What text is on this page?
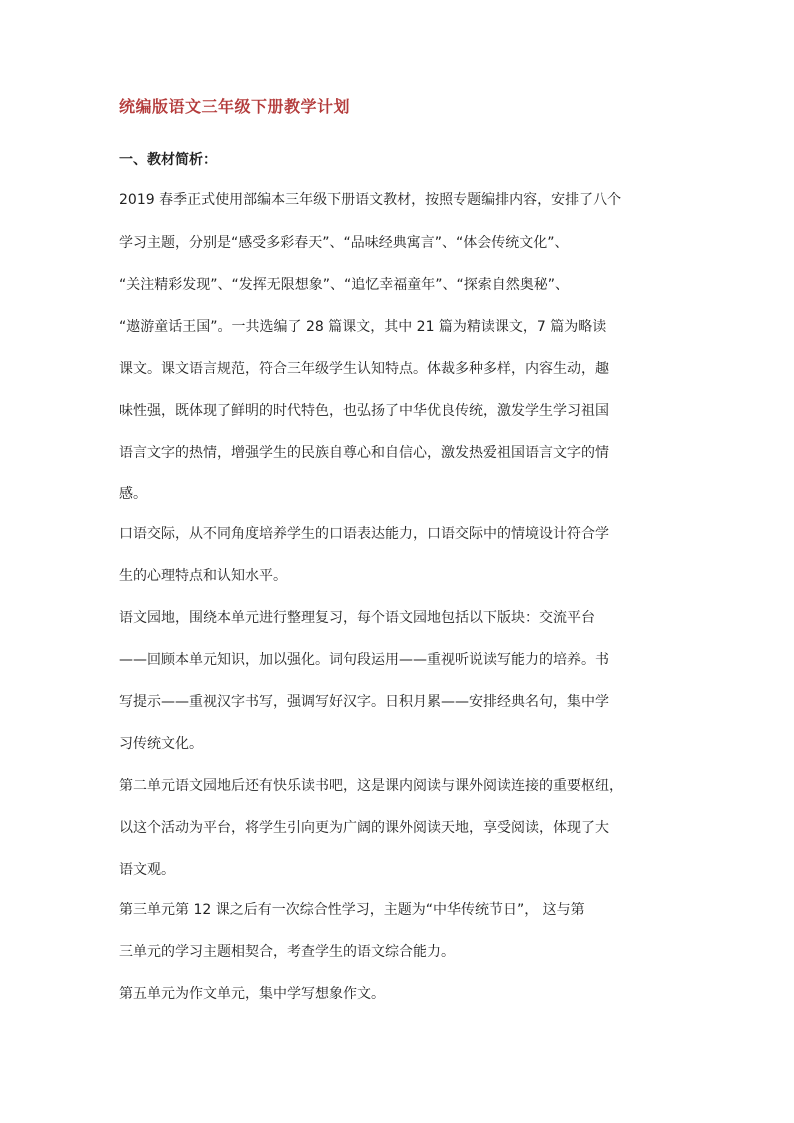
统编版语文三年级下册教学计划
一、教材简析：
2019 春季正式使用部编本三年级下册语文教材，按照专题编排内容，安排了八个
学习主题，分别是“感受多彩春天”、“品味经典寓言”、“体会传统文化”、
“关注精彩发现”、“发挥无限想象”、“追忆幸福童年”、“探索自然奥秘”、
“遨游童话王国”。一共选编了 28 篇课文，其中 21 篇为精读课文，7 篇为略读
课文。课文语言规范，符合三年级学生认知特点。体裁多种多样，内容生动，趣
味性强，既体现了鲜明的时代特色，也弘扬了中华优良传统，激发学生学习祖国
语言文字的热情，增强学生的民族自尊心和自信心，激发热爱祖国语言文字的情
感。
口语交际，从不同角度培养学生的口语表达能力，口语交际中的情境设计符合学
生的心理特点和认知水平。
语文园地，围绕本单元进行整理复习，每个语文园地包括以下版块：交流平台
——回顾本单元知识，加以强化。词句段运用——重视听说读写能力的培养。书
写提示——重视汉字书写，强调写好汉字。日积月累——安排经典名句，集中学
习传统文化。
第二单元语文园地后还有快乐读书吧，这是课内阅读与课外阅读连接的重要枢纽，
以这个活动为平台，将学生引向更为广阔的课外阅读天地，享受阅读，体现了大
语文观。
第三单元第 12 课之后有一次综合性学习，主题为“中华传统节日”， 这与第
三单元的学习主题相契合，考查学生的语文综合能力。
第五单元为作文单元，集中学写想象作文。
